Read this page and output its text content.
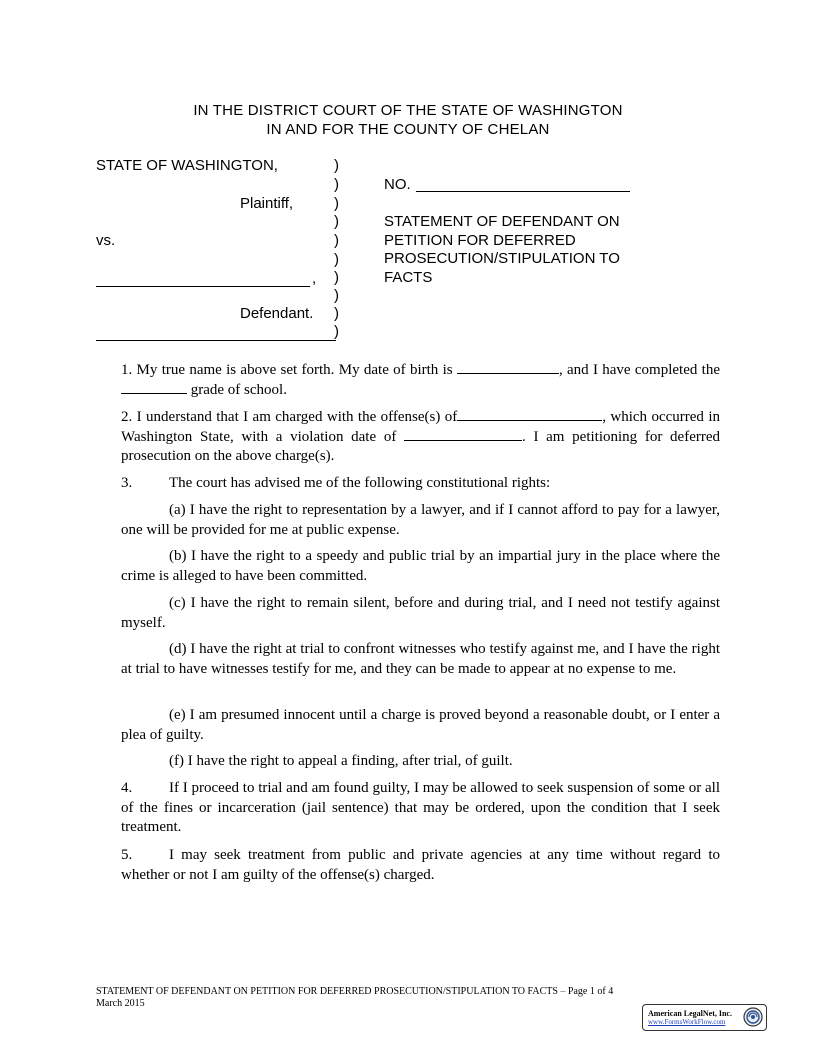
IN THE DISTRICT COURT OF THE STATE OF WASHINGTON
IN AND FOR THE COUNTY OF CHELAN
STATE OF WASHINGTON,
Plaintiff,
vs.
,
Defendant.
)
)
)
)
)
)
)
)
)
)
NO.
STATEMENT OF DEFENDANT ON
PETITION FOR DEFERRED
PROSECUTION/STIPULATION TO
FACTS
1. My true name is above set forth. My date of birth is	, and I have completed the  grade of school.
2. I understand that I am charged with the offense(s) of	, which occurred in Washington State, with a violation date of	. I am petitioning for deferred prosecution on the above charge(s).
3. The court has advised me of the following constitutional rights:
(a) I have the right to representation by a lawyer, and if I cannot afford to pay for a lawyer, one will be provided for me at public expense.
(b) I have the right to a speedy and public trial by an impartial jury in the place where the crime is alleged to have been committed.
(c) I have the right to remain silent, before and during trial, and I need not testify against myself.
(d) I have the right at trial to confront witnesses who testify against me, and I have the right at trial to have witnesses testify for me, and they can be made to appear at no expense to me.
(e) I am presumed innocent until a charge is proved beyond a reasonable doubt, or I enter a plea of guilty.
(f) I have the right to appeal a finding, after trial, of guilt.
4. If I proceed to trial and am found guilty, I may be allowed to seek suspension of some or all of the fines or incarceration (jail sentence) that may be ordered, upon the condition that I seek treatment.
5. I may seek treatment from public and private agencies at any time without regard to whether or not I am guilty of the offense(s) charged.
STATEMENT OF DEFENDANT ON PETITION FOR DEFERRED PROSECUTION/STIPULATION TO FACTS – Page 1 of 4
March 2015
American LegalNet, Inc.
www.FormsWorkFlow.com
